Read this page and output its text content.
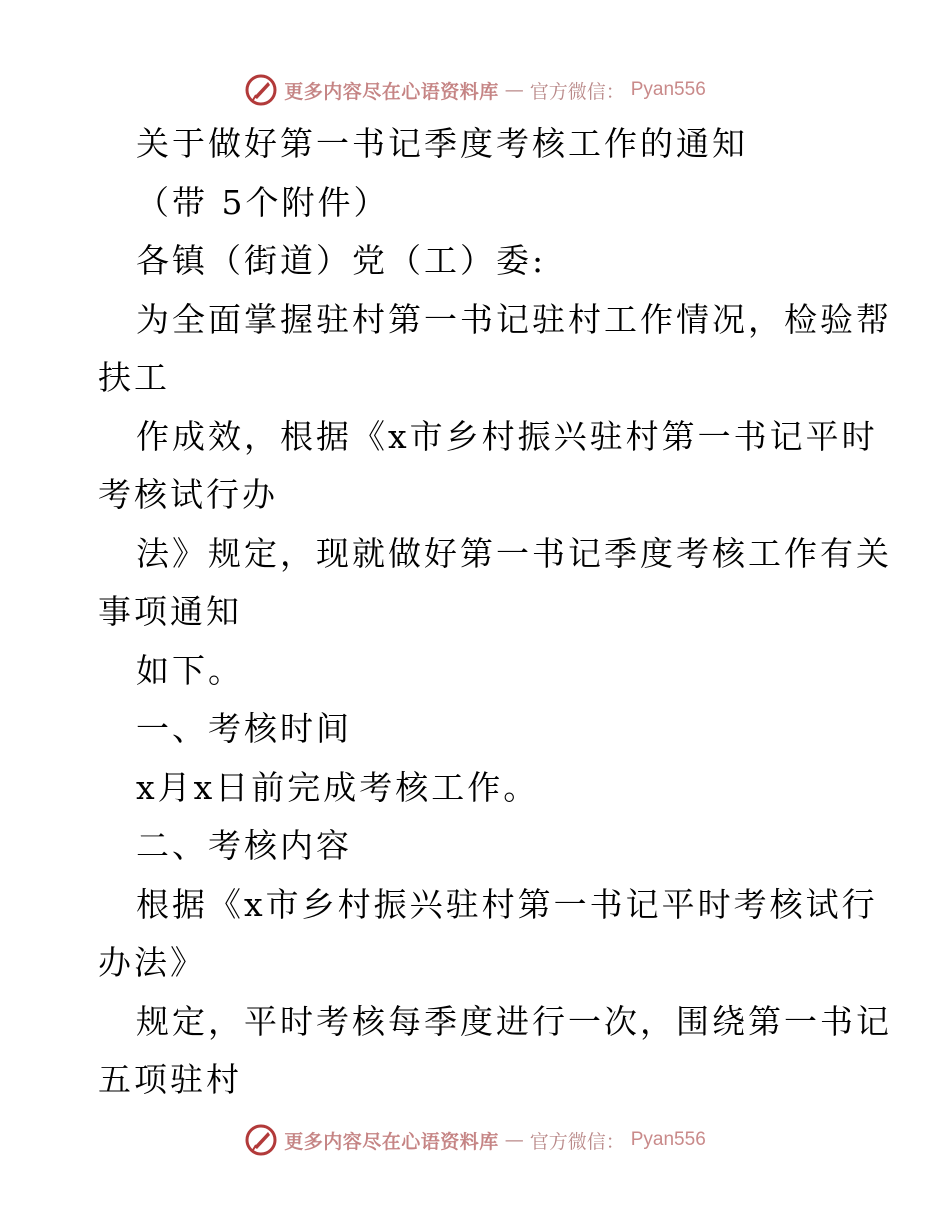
更多内容尽在心语资料库 — 官方微信： Pyan556
关于做好第一书记季度考核工作的通知
（带 5个附件）
各镇（街道）党（工）委:
为全面掌握驻村第一书记驻村工作情况，检验帮
扶工
作成效，根据《x市乡村振兴驻村第一书记平时
考核试行办
法》规定，现就做好第一书记季度考核工作有关
事项通知
如下。
一、考核时间
x月x日前完成考核工作。
二、考核内容
根据《x市乡村振兴驻村第一书记平时考核试行
办法》
规定，平时考核每季度进行一次，围绕第一书记
五项驻村
更多内容尽在心语资料库 — 官方微信： Pyan556
